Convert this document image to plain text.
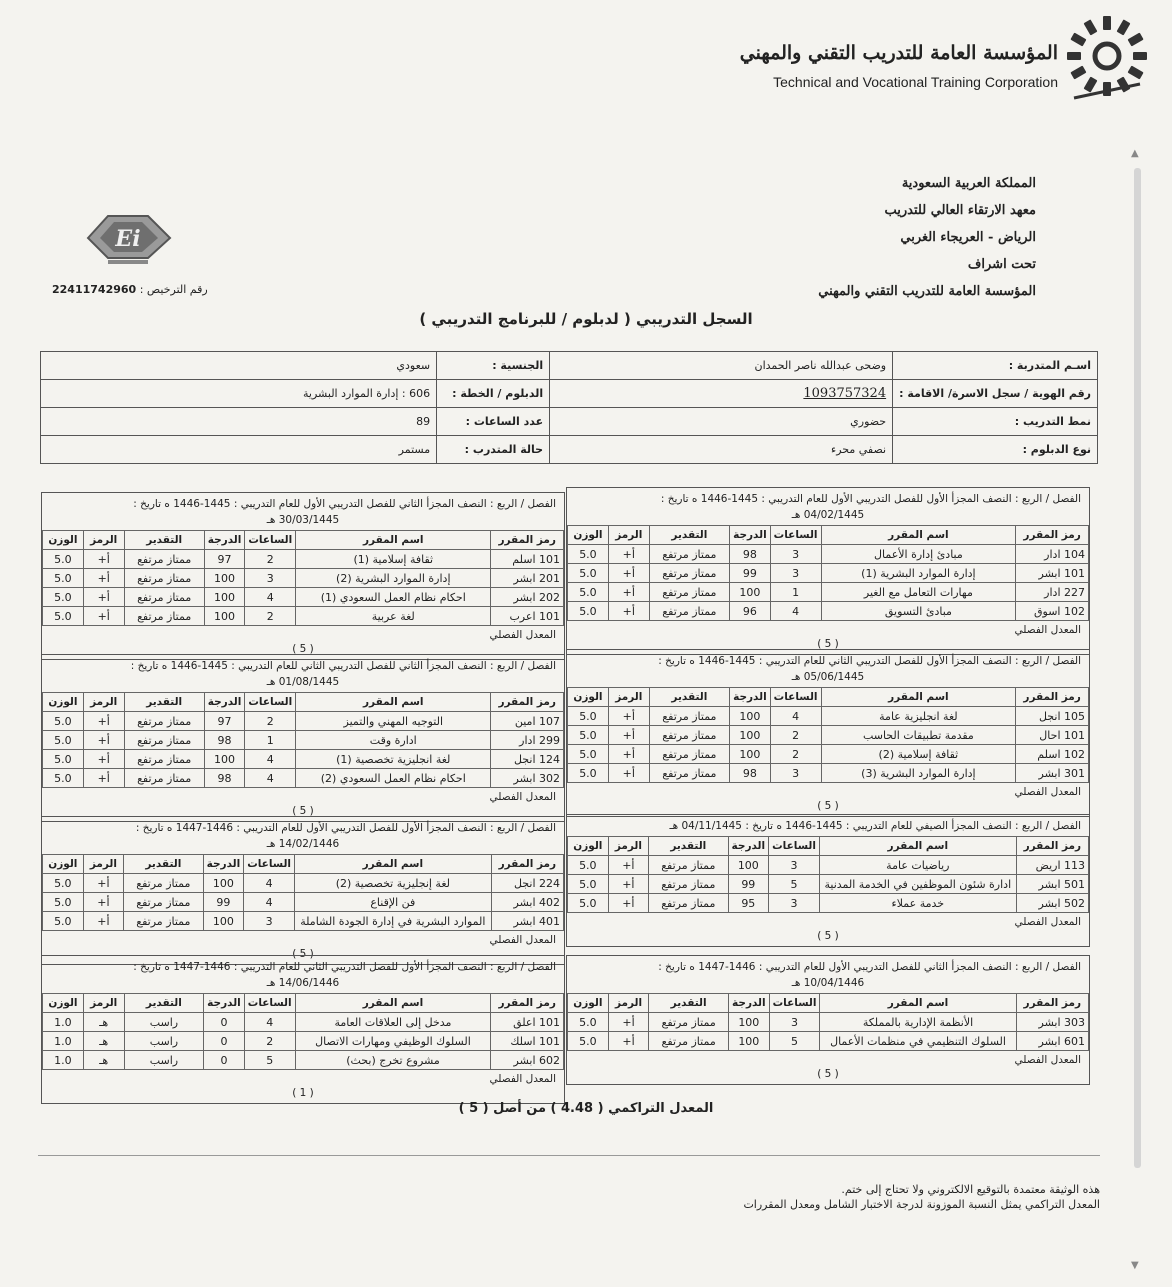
المؤسسة العامة للتدريب التقني والمهني
Technical and Vocational Training Corporation
المملكة العربية السعودية
معهد الارتقاء العالي للتدريب
الرياض - العريجاء الغربي
تحت اشراف
المؤسسة العامة للتدريب التقني والمهني
Ei
رقم الترخيص : 22411742960
السجل التدريبي ( لدبلوم / للبرنامج التدريبي )
اسـم المتدربة :	وضحى عبدالله ناصر الحمدان	الجنسية :	سعودي
رقم الهوية / سجل الاسرة/ الاقامة :	1093757324	الدبلوم / الخطة :	606 : إدارة الموارد البشرية
نمط التدريب :	حضوري	عدد الساعات :	89
نوع الدبلوم :	نصفي محرء	حالة المتدرب :	مستمر
الفصل / الربع : النصف المجزأ الأول للفصل التدريبي الأول للعام التدريبي : 1445-1446 ه تاريخ :
04/02/1445 هـ
رمز المقرر	اسم المقرر	الساعات	الدرجة	التقدير	الرمز	الوزن
104 ادار	مبادئ إدارة الأعمال	3	98	ممتاز مرتفع	أ+	5.0
101 ابشر	إدارة الموارد البشرية (1)	3	99	ممتاز مرتفع	أ+	5.0
227 ادار	مهارات التعامل مع الغير	1	100	ممتاز مرتفع	أ+	5.0
102 اسوق	مبادئ التسويق	4	96	ممتاز مرتفع	أ+	5.0
المعدل الفصلي
( 5 )
الفصل / الربع : النصف المجزأ الثاني للفصل التدريبي الأول للعام التدريبي : 1445-1446 ه تاريخ :
30/03/1445 هـ
رمز المقرر	اسم المقرر	الساعات	الدرجة	التقدير	الرمز	الوزن
101 اسلم	ثقافة إسلامية (1)	2	97	ممتاز مرتفع	أ+	5.0
201 ابشر	إدارة الموارد البشرية (2)	3	100	ممتاز مرتفع	أ+	5.0
202 ابشر	احكام نظام العمل السعودي (1)	4	100	ممتاز مرتفع	أ+	5.0
101 اعرب	لغة عربية	2	100	ممتاز مرتفع	أ+	5.0
المعدل الفصلي
( 5 )
الفصل / الربع : النصف المجزأ الأول للفصل التدريبي الثاني للعام التدريبي : 1445-1446 ه تاريخ :
05/06/1445 هـ
رمز المقرر	اسم المقرر	الساعات	الدرجة	التقدير	الرمز	الوزن
105 انجل	لغة انجليزية عامة	4	100	ممتاز مرتفع	أ+	5.0
101 احال	مقدمة تطبيقات الحاسب	2	100	ممتاز مرتفع	أ+	5.0
102 اسلم	ثقافة إسلامية (2)	2	100	ممتاز مرتفع	أ+	5.0
301 ابشر	إدارة الموارد البشرية (3)	3	98	ممتاز مرتفع	أ+	5.0
المعدل الفصلي
( 5 )
الفصل / الربع : النصف المجزأ الثاني للفصل التدريبي الثاني للعام التدريبي : 1445-1446 ه تاريخ :
01/08/1445 هـ
رمز المقرر	اسم المقرر	الساعات	الدرجة	التقدير	الرمز	الوزن
107 امين	التوجيه المهني والتميز	2	97	ممتاز مرتفع	أ+	5.0
299 ادار	ادارة وقت	1	98	ممتاز مرتفع	أ+	5.0
124 انجل	لغة انجليزية تخصصية (1)	4	100	ممتاز مرتفع	أ+	5.0
302 ابشر	احكام نظام العمل السعودي (2)	4	98	ممتاز مرتفع	أ+	5.0
المعدل الفصلي
( 5 )
الفصل / الربع : النصف المجزأ الصيفي للعام التدريبي : 1445-1446 ه تاريخ : 04/11/1445 هـ
رمز المقرر	اسم المقرر	الساعات	الدرجة	التقدير	الرمز	الوزن
113 اريض	رياضيات عامة	3	100	ممتاز مرتفع	أ+	5.0
501 ابشر	ادارة شئون الموظفين في الخدمة المدنية	5	99	ممتاز مرتفع	أ+	5.0
502 ابشر	خدمة عملاء	3	95	ممتاز مرتفع	أ+	5.0
المعدل الفصلي
( 5 )
الفصل / الربع : النصف المجزأ الأول للفصل التدريبي الأول للعام التدريبي : 1446-1447 ه تاريخ :
14/02/1446 هـ
رمز المقرر	اسم المقرر	الساعات	الدرجة	التقدير	الرمز	الوزن
224 انجل	لغة إنجليزية تخصصية (2)	4	100	ممتاز مرتفع	أ+	5.0
402 ابشر	فن الإقناع	4	99	ممتاز مرتفع	أ+	5.0
401 ابشر	الموارد البشرية في إدارة الجودة الشاملة	3	100	ممتاز مرتفع	أ+	5.0
المعدل الفصلي
( 5 )
الفصل / الربع : النصف المجزأ الثاني للفصل التدريبي الأول للعام التدريبي : 1446-1447 ه تاريخ :
10/04/1446 هـ
رمز المقرر	اسم المقرر	الساعات	الدرجة	التقدير	الرمز	الوزن
303 ابشر	الأنظمة الإدارية بالمملكة	3	100	ممتاز مرتفع	أ+	5.0
601 ابشر	السلوك التنظيمي في منظمات الأعمال	5	100	ممتاز مرتفع	أ+	5.0
المعدل الفصلي
( 5 )
الفصل / الربع : النصف المجزأ الأول للفصل التدريبي الثاني للعام التدريبي : 1446-1447 ه تاريخ :
14/06/1446 هـ
رمز المقرر	اسم المقرر	الساعات	الدرجة	التقدير	الرمز	الوزن
101 اعلق	مدخل إلى العلاقات العامة	4	0	راسب	هـ	1.0
101 اسلك	السلوك الوظيفي ومهارات الاتصال	2	0	راسب	هـ	1.0
602 ابشر	مشروع تخرج (بحث)	5	0	راسب	هـ	1.0
المعدل الفصلي
( 1 )
المعدل التراكمي ( 4.48 ) من أصل ( 5 )
هذه الوثيقة معتمدة بالتوقيع الالكتروني ولا تحتاج إلى ختم.
المعدل التراكمي يمثل النسبة الموزونة لدرجة الاختبار الشامل ومعدل المقررات
▲
▼
